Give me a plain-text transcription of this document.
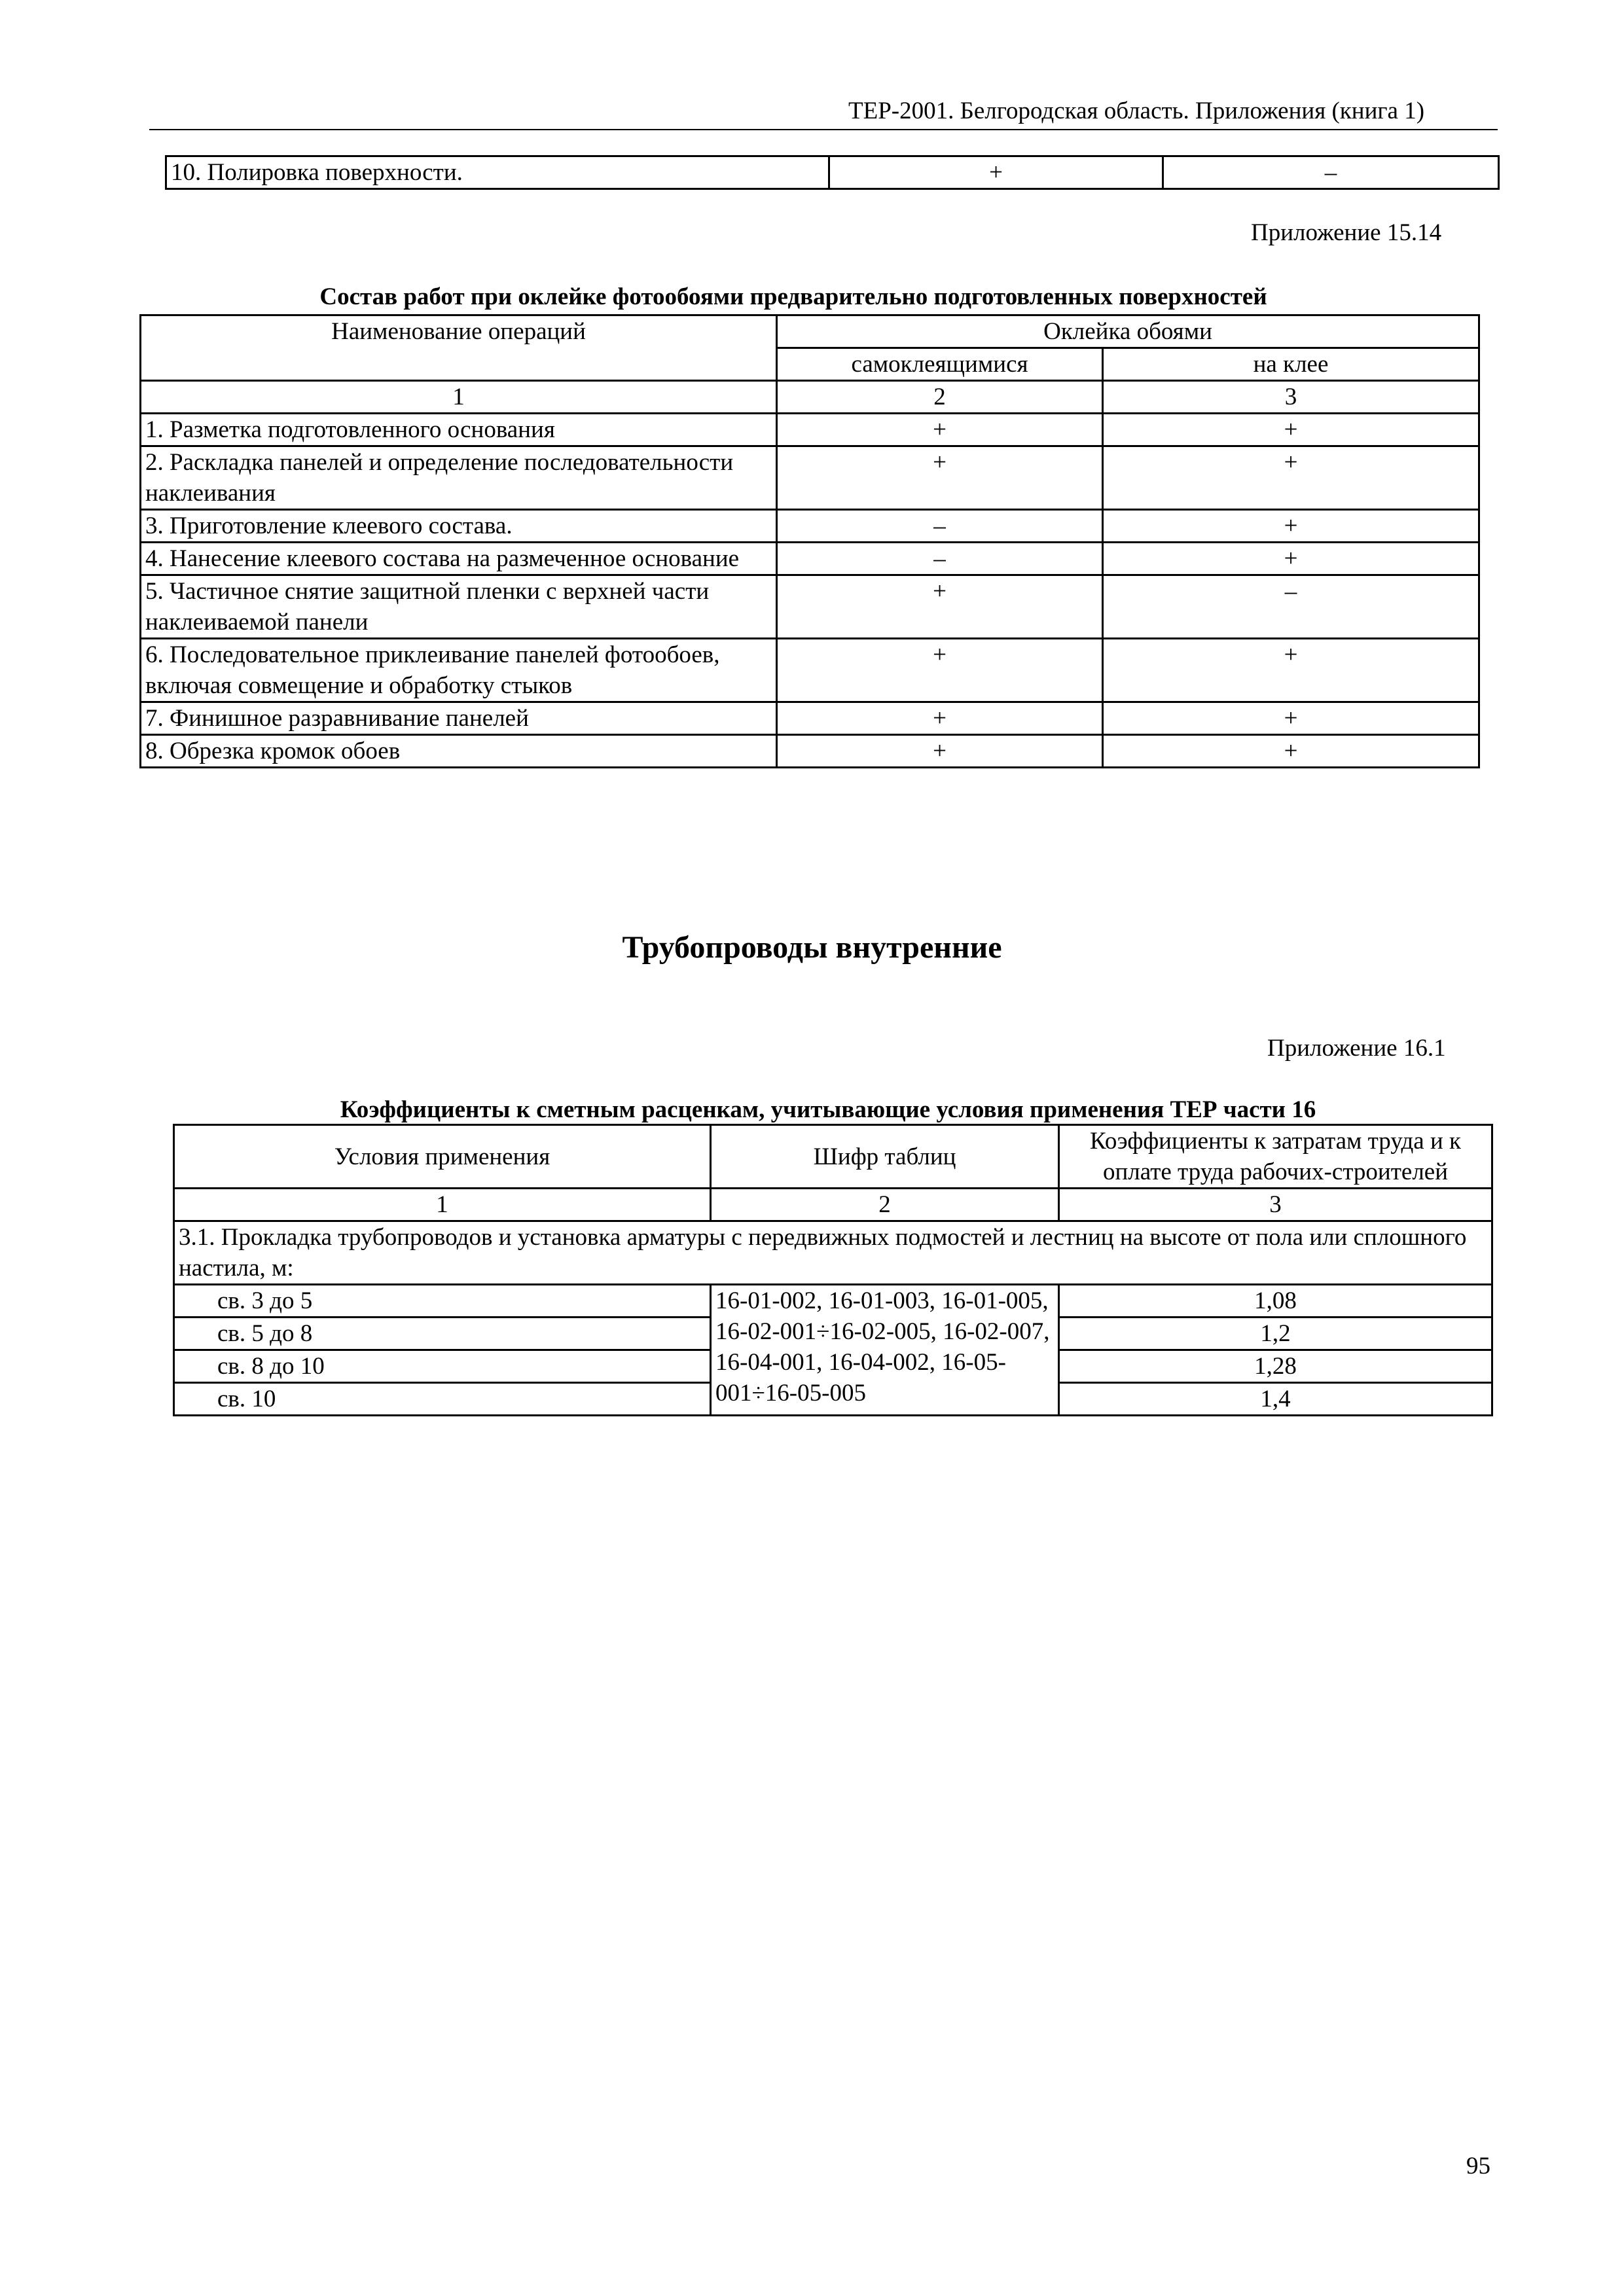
ТЕР-2001. Белгородская область. Приложения (книга 1)
10. Полировка поверхности.	+	–
Приложение 15.14
Состав работ при оклейке фотообоями предварительно подготовленных поверхностей
Наименование операций	Оклейка обоями	
	самоклеящимися	на клее
1	2	3
1. Разметка подготовленного основания	+	+
2. Раскладка панелей и определение последовательности наклеивания	+	+
3. Приготовление клеевого состава.	–	+
4. Нанесение клеевого состава на размеченное основание	–	+
5. Частичное снятие защитной пленки с верхней части наклеиваемой панели	+	–
6. Последовательное приклеивание панелей фотообоев, включая совмещение и обработку стыков	+	+
7. Финишное разравнивание панелей	+	+
8. Обрезка кромок обоев	+	+
Трубопроводы внутренние
Приложение 16.1
Коэффициенты к сметным расценкам, учитывающие условия применения ТЕР части 16
Условия применения	Шифр таблиц	Коэффициенты к затратам труда и к оплате труда рабочих-строителей
1	2	3
3.1. Прокладка трубопроводов и установка арматуры с передвижных подмостей и лестниц на высоте от пола или сплошного настила, м:		
св. 3 до 5	16-01-002, 16-01-003, 16-01-005, 16-02-001÷16-02-005, 16-02-007, 16-04-001, 16-04-002, 16-05-001÷16-05-005	1,08
св. 5 до 8		1,2
св. 8 до 10		1,28
св. 10		1,4
95
